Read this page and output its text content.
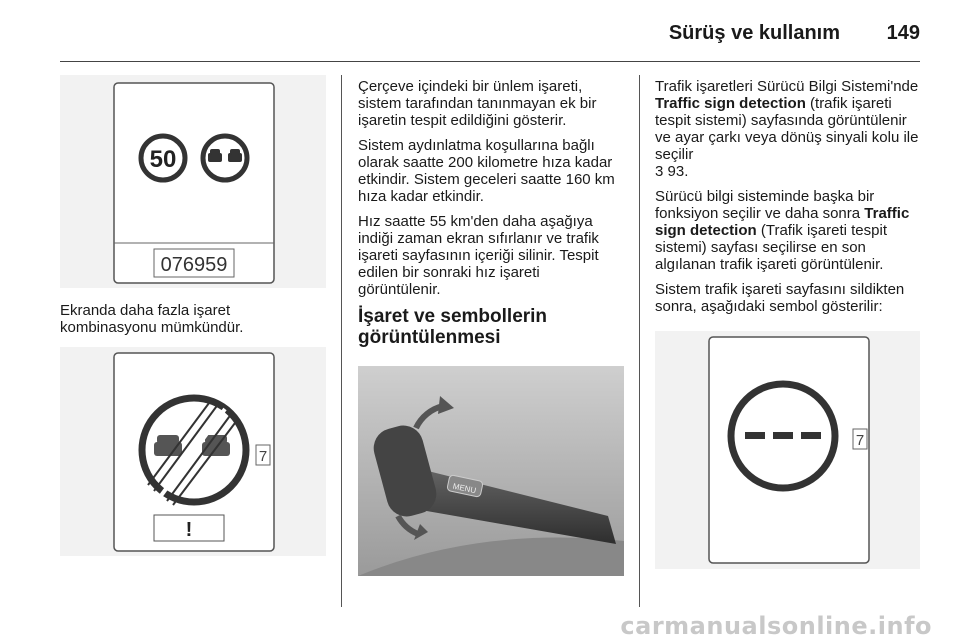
Sürüş ve kullanım 149
076959
50

Ekranda daha fazla işaret kombinasyonu mümkündür.

!
7

Çerçeve içindeki bir ünlem işareti, sistem tarafından tanınmayan ek bir işaretin tespit edildiğini gösterir.

Sistem aydınlatma koşullarına bağlı olarak saatte 200 kilometre hıza kadar etkindir. Sistem geceleri saatte 160 km hıza kadar etkindir.

Hız saatte 55 km'den daha aşağıya indiği zaman ekran sıfırlanır ve trafik işareti sayfasının içeriği silinir. Tespit edilen bir sonraki hız işareti görüntülenir.

İşaret ve sembollerin görüntülenmesi
MENU

Trafik işaretleri Sürücü Bilgi Sistemi'nde Traffic sign detection (trafik işareti tespit sistemi) sayfasında görüntülenir ve ayar çarkı veya dönüş sinyali kolu ile seçilir
3 93.

Sürücü bilgi sisteminde başka bir fonksiyon seçilir ve daha sonra Traffic sign detection (Trafik işareti tespit sistemi) sayfası seçilirse en son algılanan trafik işareti görüntülenir.

Sistem trafik işareti sayfasını sildikten sonra, aşağıdaki sembol gösterilir:

7
carmanualsonline.info
